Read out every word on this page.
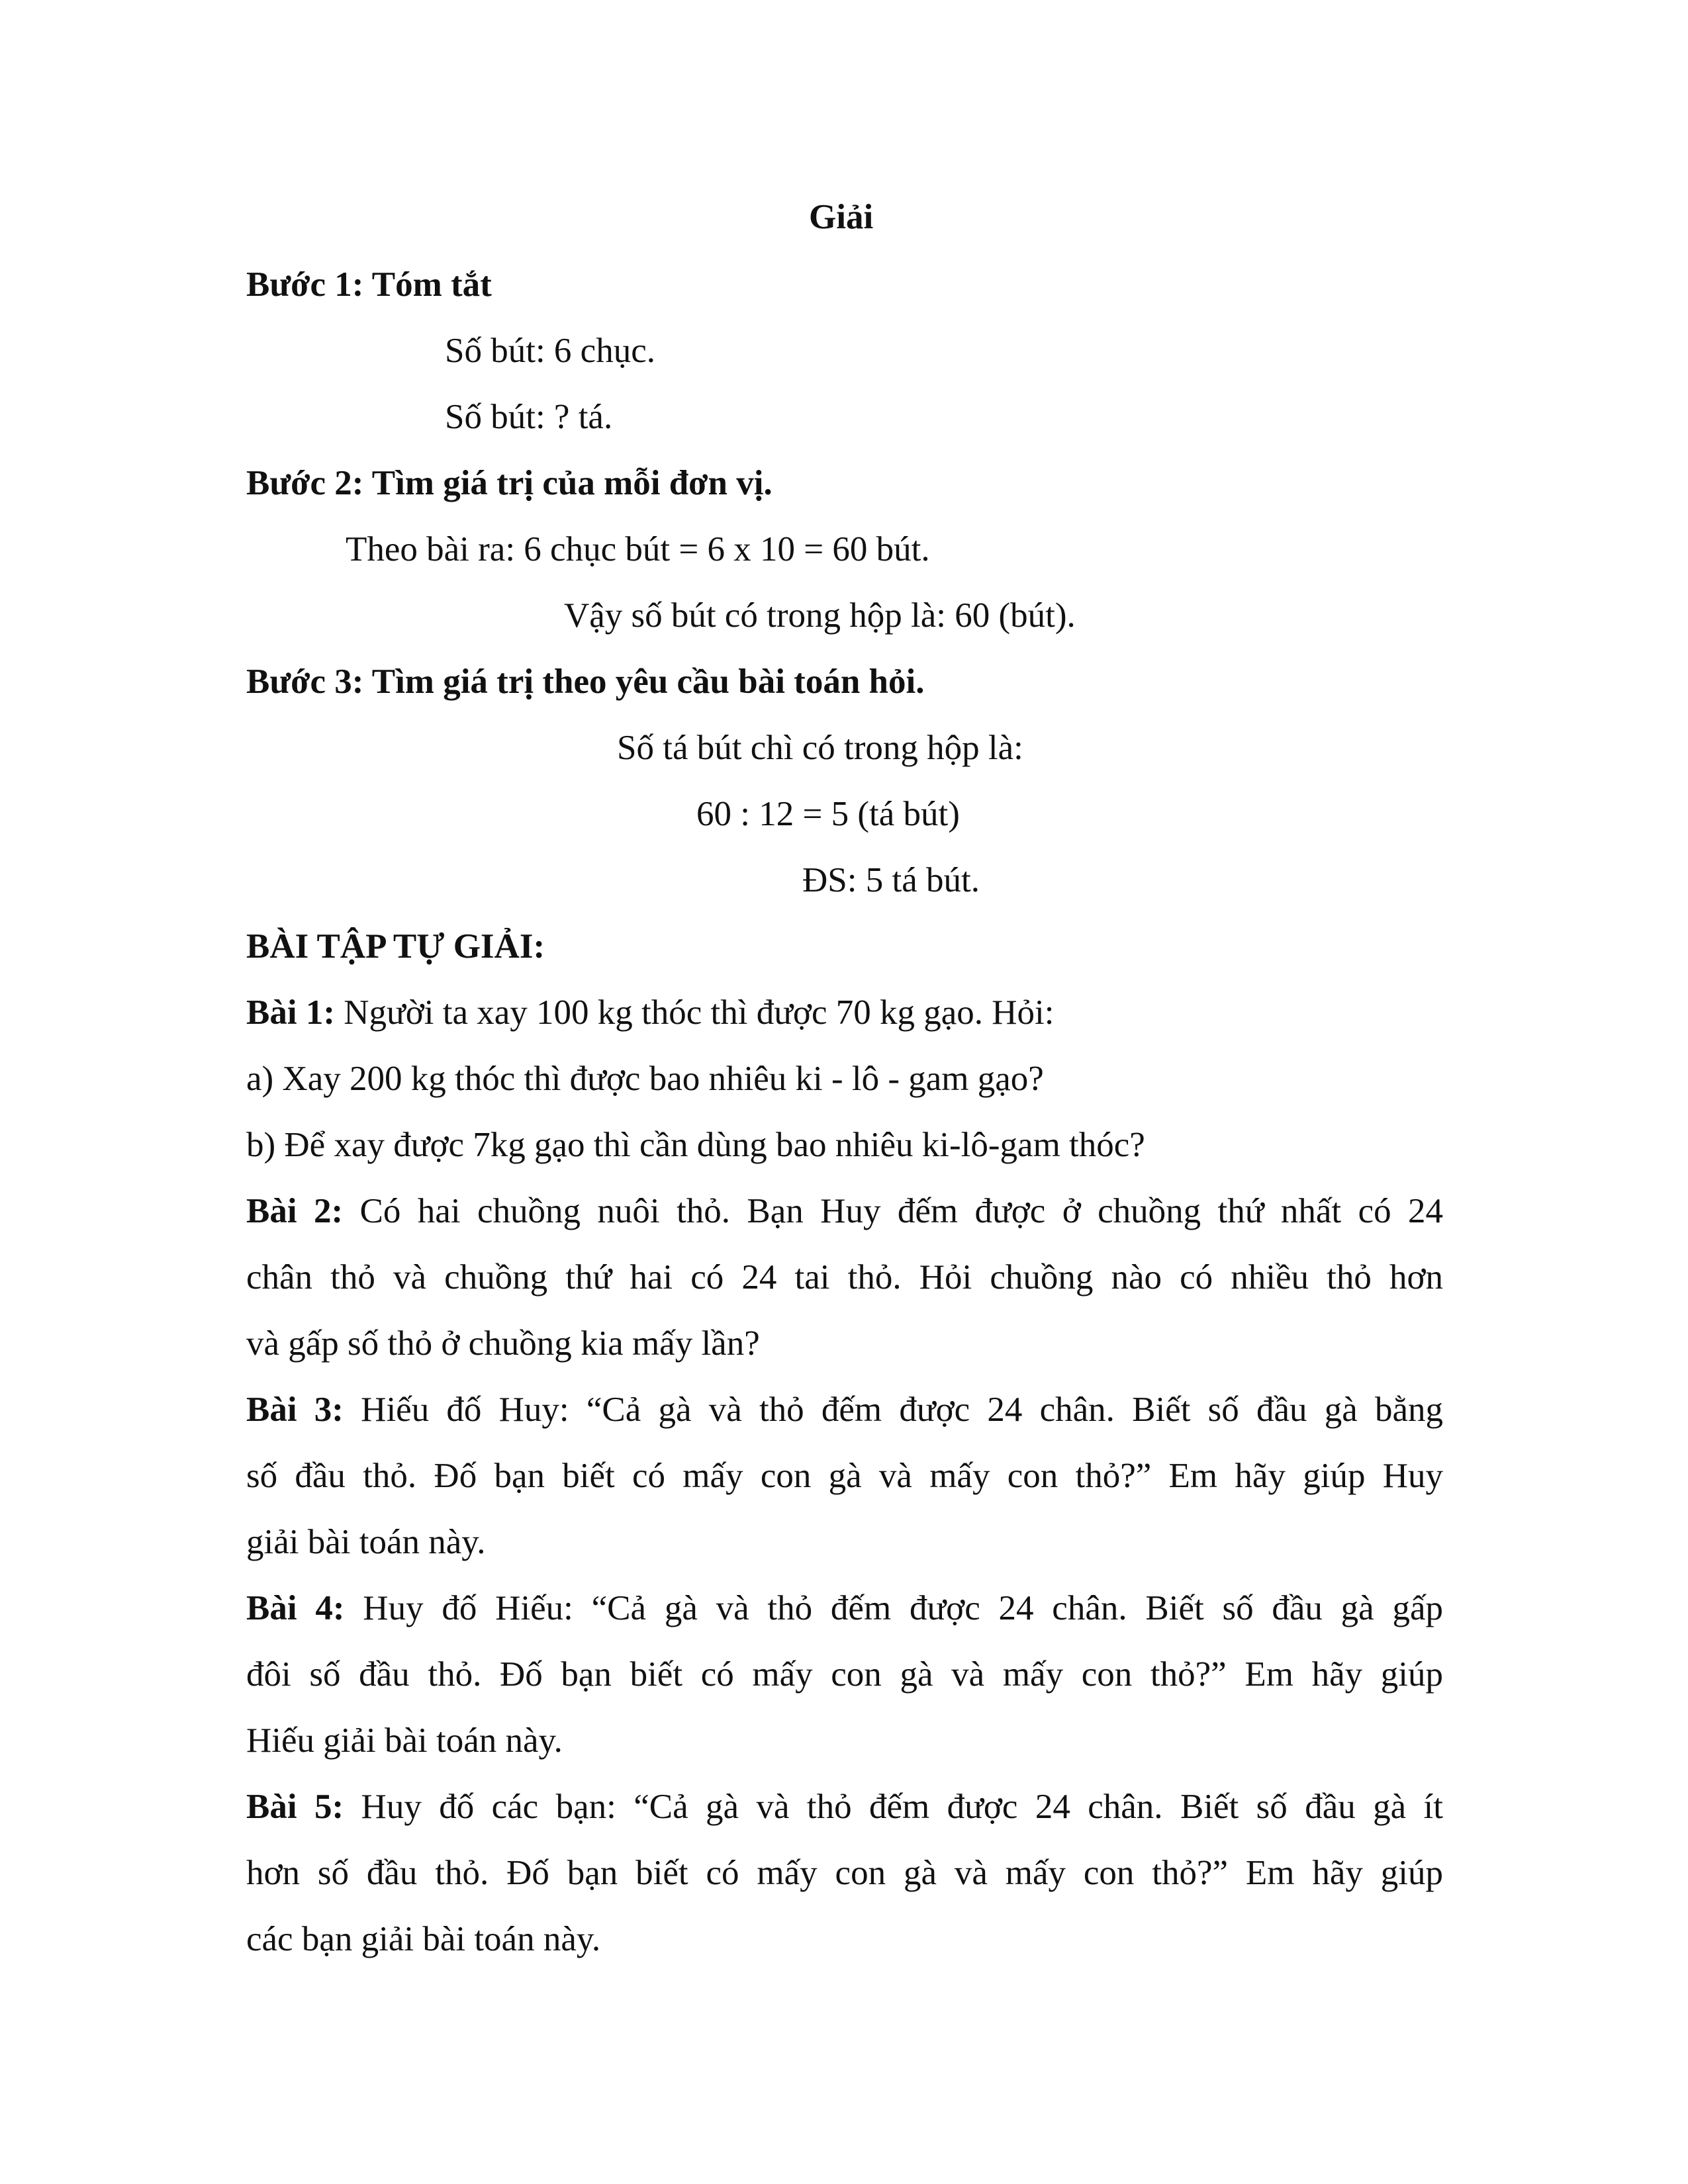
Giải

Bước 1: Tóm tắt

Số bút: 6 chục.

Số bút: ? tá.

Bước 2: Tìm giá trị của mỗi đơn vị.

Theo bài ra: 6 chục bút = 6 x 10 = 60 bút.

Vậy số bút có trong hộp là: 60 (bút).

Bước 3: Tìm giá trị theo yêu cầu bài toán hỏi.

Số tá bút chì có trong hộp là:

60 : 12 = 5 (tá bút)

ĐS: 5 tá bút.

BÀI TẬP TỰ GIẢI:

Bài 1: Người ta xay 100 kg thóc thì được 70 kg gạo. Hỏi:

a) Xay 200 kg thóc thì được bao nhiêu ki - lô - gam gạo?

b) Để xay được 7kg gạo thì cần dùng bao nhiêu ki-lô-gam thóc?

Bài 2: Có hai chuồng nuôi thỏ. Bạn Huy đếm được ở chuồng thứ nhất có 24

chân thỏ và chuồng thứ hai có 24 tai thỏ. Hỏi chuồng nào có nhiều thỏ hơn

và gấp số thỏ ở chuồng kia mấy lần?

Bài 3: Hiếu đố Huy: “Cả gà và thỏ đếm được 24 chân. Biết số đầu gà bằng

số đầu thỏ. Đố bạn biết có mấy con gà và mấy con thỏ?” Em hãy giúp Huy

giải bài toán này.

Bài 4: Huy đố Hiếu: “Cả gà và thỏ đếm được 24 chân. Biết số đầu gà gấp

đôi số đầu thỏ. Đố bạn biết có mấy con gà và mấy con thỏ?” Em hãy giúp

Hiếu giải bài toán này.

Bài 5: Huy đố các bạn: “Cả gà và thỏ đếm được 24 chân. Biết số đầu gà ít

hơn số đầu thỏ. Đố bạn biết có mấy con gà và mấy con thỏ?” Em hãy giúp

các bạn giải bài toán này.
